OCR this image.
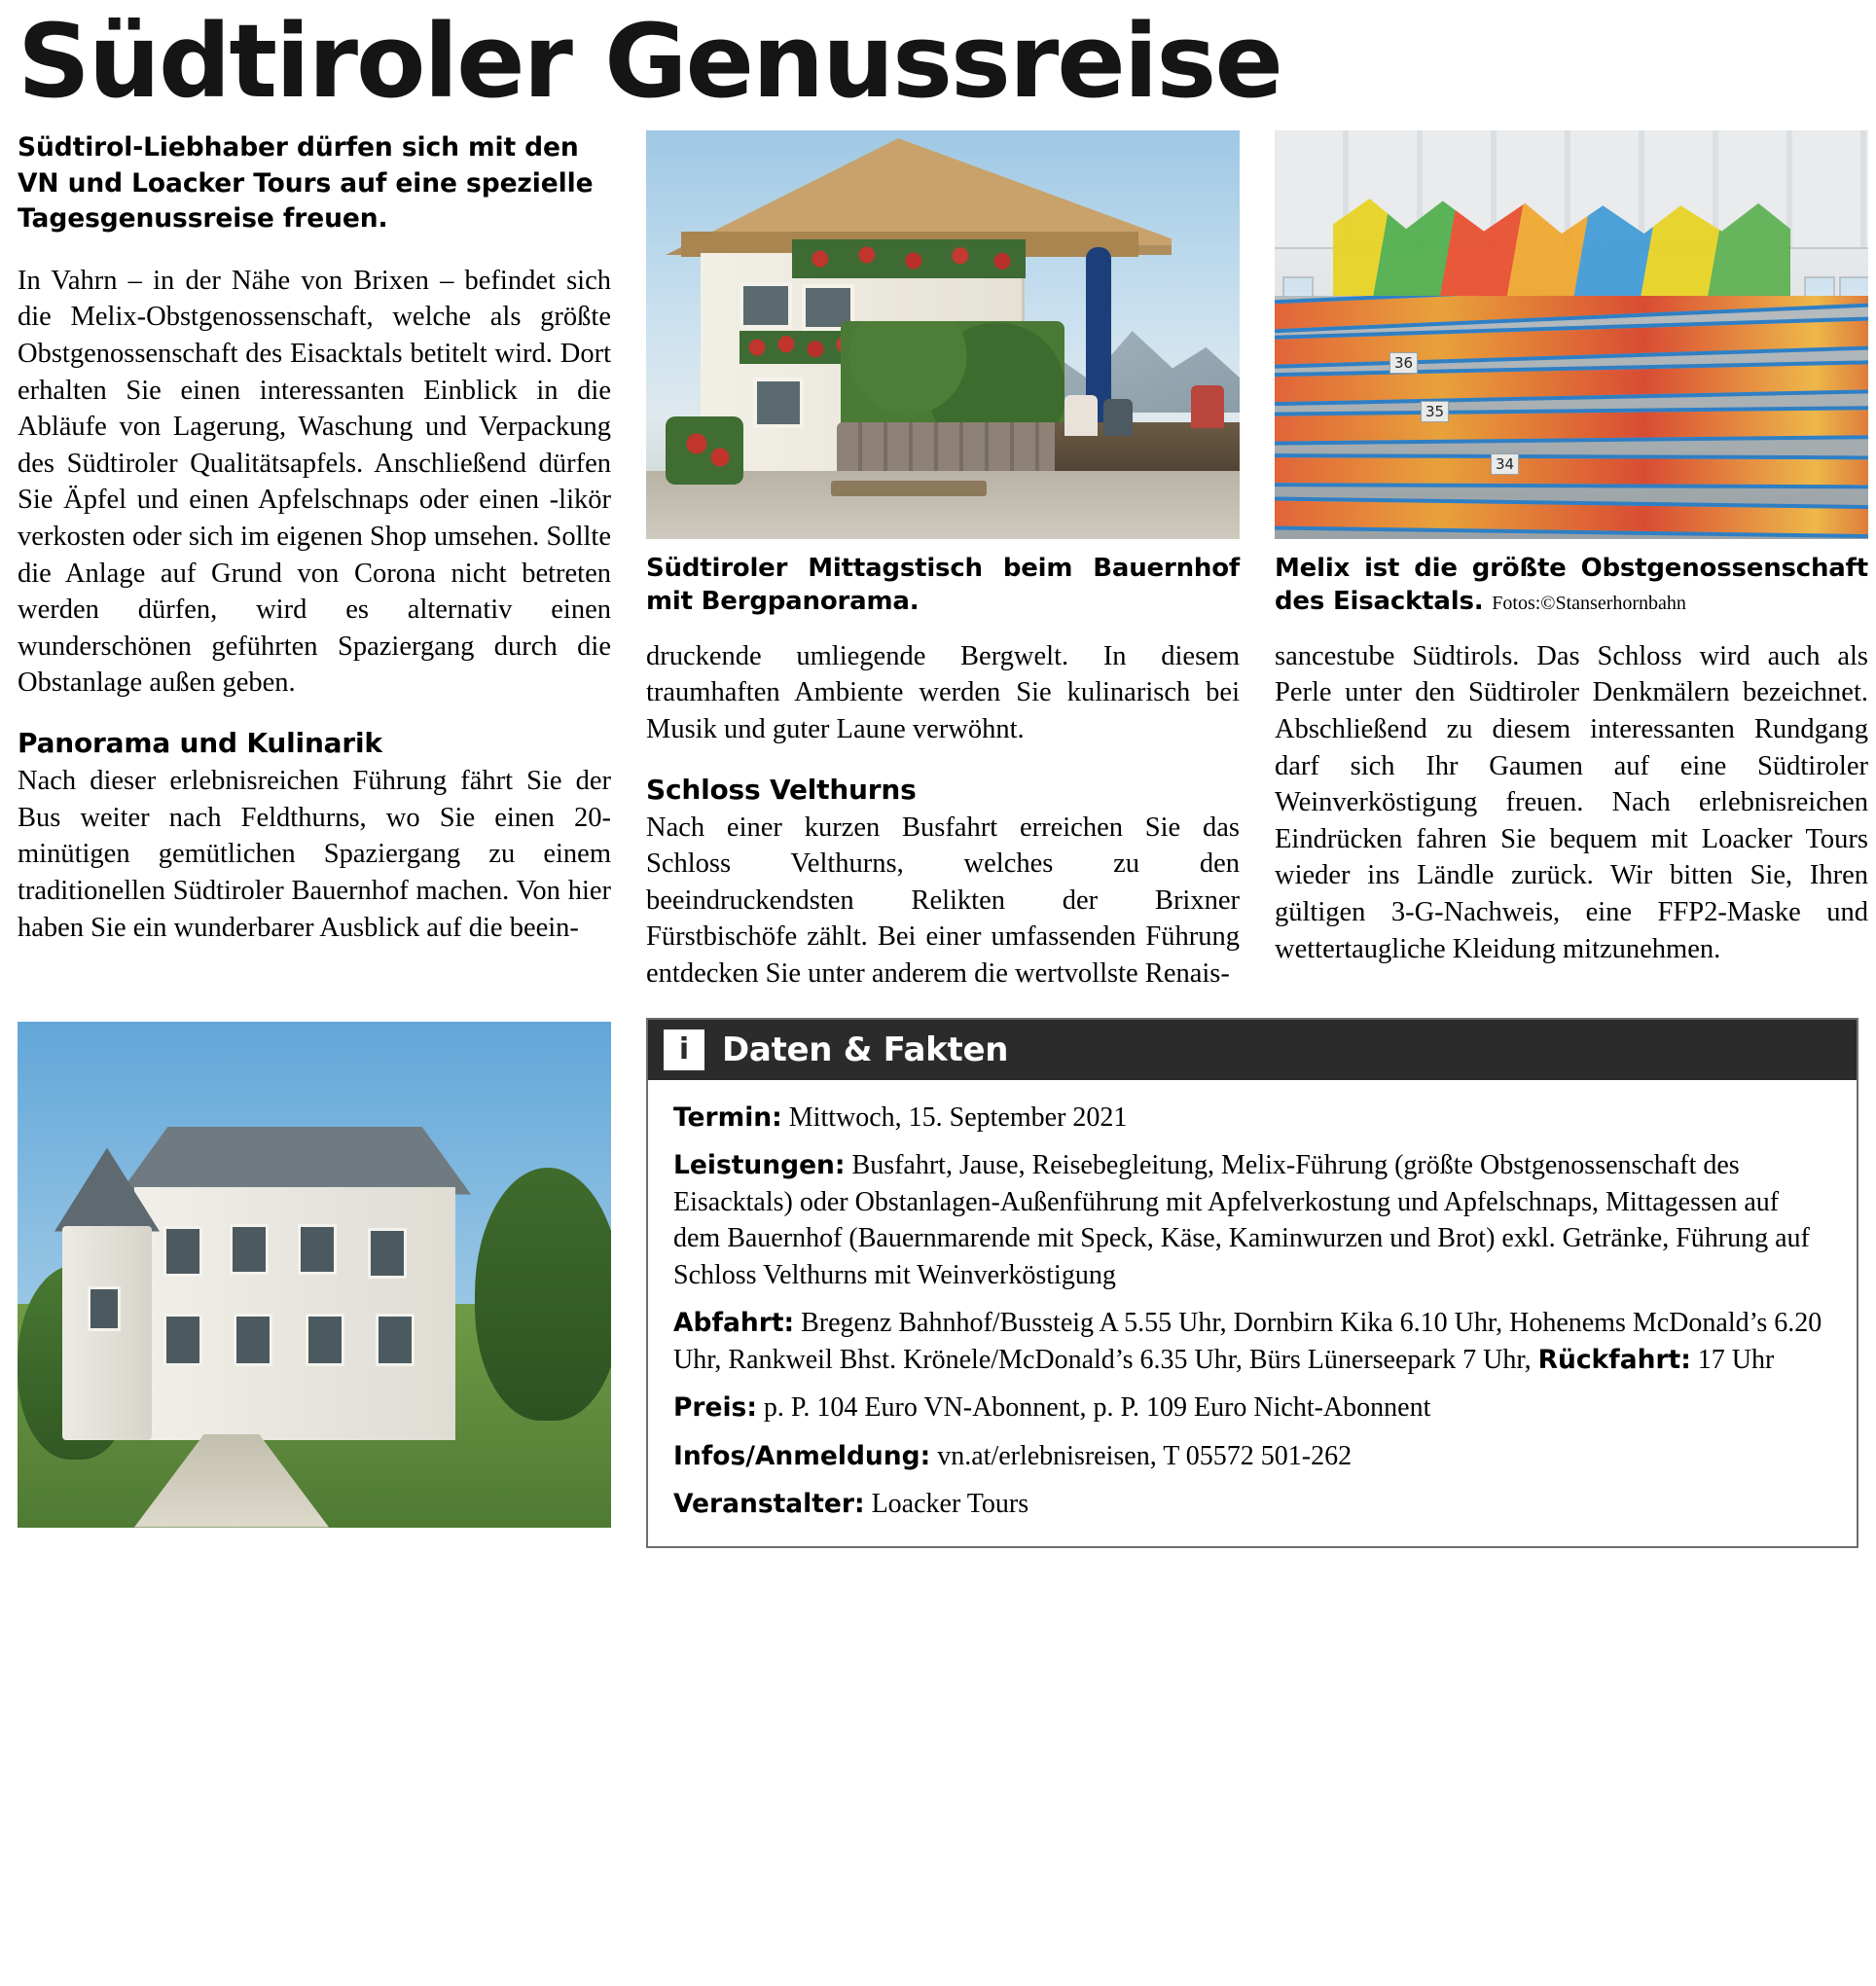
Südtiroler Genussreise

Südtirol-Liebhaber dürfen sich mit den VN und Loacker Tours auf eine spezielle Tagesgenussreise freuen.

In Vahrn – in der Nähe von Brixen – befindet sich die Melix-Obstgenossenschaft, welche als größte Obstgenossenschaft des Eisacktals betitelt wird. Dort erhalten Sie einen interessanten Einblick in die Abläufe von Lagerung, Waschung und Verpackung des Südtiroler Qualitätsapfels. Anschließend dürfen Sie Äpfel und einen Apfelschnaps oder einen -likör verkosten oder sich im eigenen Shop umsehen. Sollte die Anlage auf Grund von Corona nicht betreten werden dürfen, wird es alternativ einen wunderschönen geführten Spaziergang durch die Obstanlage außen geben.

Panorama und Kulinarik

Nach dieser erlebnisreichen Führung fährt Sie der Bus weiter nach Feldthurns, wo Sie einen 20-minütigen gemütlichen Spaziergang zu einem traditionellen Südtiroler Bauernhof machen. Von hier haben Sie ein wunderbarer Ausblick auf die beein-

Südtiroler Mittagstisch beim Bauernhof mit Bergpanorama.

druckende umliegende Bergwelt. In diesem traumhaften Ambiente werden Sie kulinarisch bei Musik und guter Laune verwöhnt.

Schloss Velthurns

Nach einer kurzen Busfahrt erreichen Sie das Schloss Velthurns, welches zu den beeindruckendsten Relikten der Brixner Fürstbischöfe zählt. Bei einer umfassenden Führung entdecken Sie unter anderem die wertvollste Renais-

36
35
34

Melix ist die größte Obstgenossenschaft des Eisacktals. Fotos:©Stanserhornbahn

sancestube Südtirols. Das Schloss wird auch als Perle unter den Südtiroler Denkmälern bezeichnet. Abschließend zu diesem interessanten Rundgang darf sich Ihr Gaumen auf eine Südtiroler Weinverköstigung freuen. Nach erlebnisreichen Eindrücken fahren Sie bequem mit Loacker Tours wieder ins Ländle zurück. Wir bitten Sie, Ihren gültigen 3-G-Nachweis, eine FFP2-Maske und wettertaugliche Kleidung mitzunehmen.

i Daten & Fakten

Termin: Mittwoch, 15. September 2021

Leistungen: Busfahrt, Jause, Reisebegleitung, Melix-Führung (größte Obstgenossenschaft des Eisacktals) oder Obstanlagen-Außenführung mit Apfelverkostung und Apfelschnaps, Mittagessen auf dem Bauernhof (Bauernmarende mit Speck, Käse, Kaminwurzen und Brot) exkl. Getränke, Führung auf Schloss Velthurns mit Weinverköstigung

Abfahrt: Bregenz Bahnhof/Bussteig A 5.55 Uhr, Dornbirn Kika 6.10 Uhr, Hohenems McDonald’s 6.20 Uhr, Rankweil Bhst. Krönele/McDonald’s 6.35 Uhr, Bürs Lünerseepark 7 Uhr, Rückfahrt: 17 Uhr

Preis: p. P. 104 Euro VN-Abonnent, p. P. 109 Euro Nicht-Abonnent

Infos/Anmeldung: vn.at/erlebnisreisen, T 05572 501-262

Veranstalter: Loacker Tours
